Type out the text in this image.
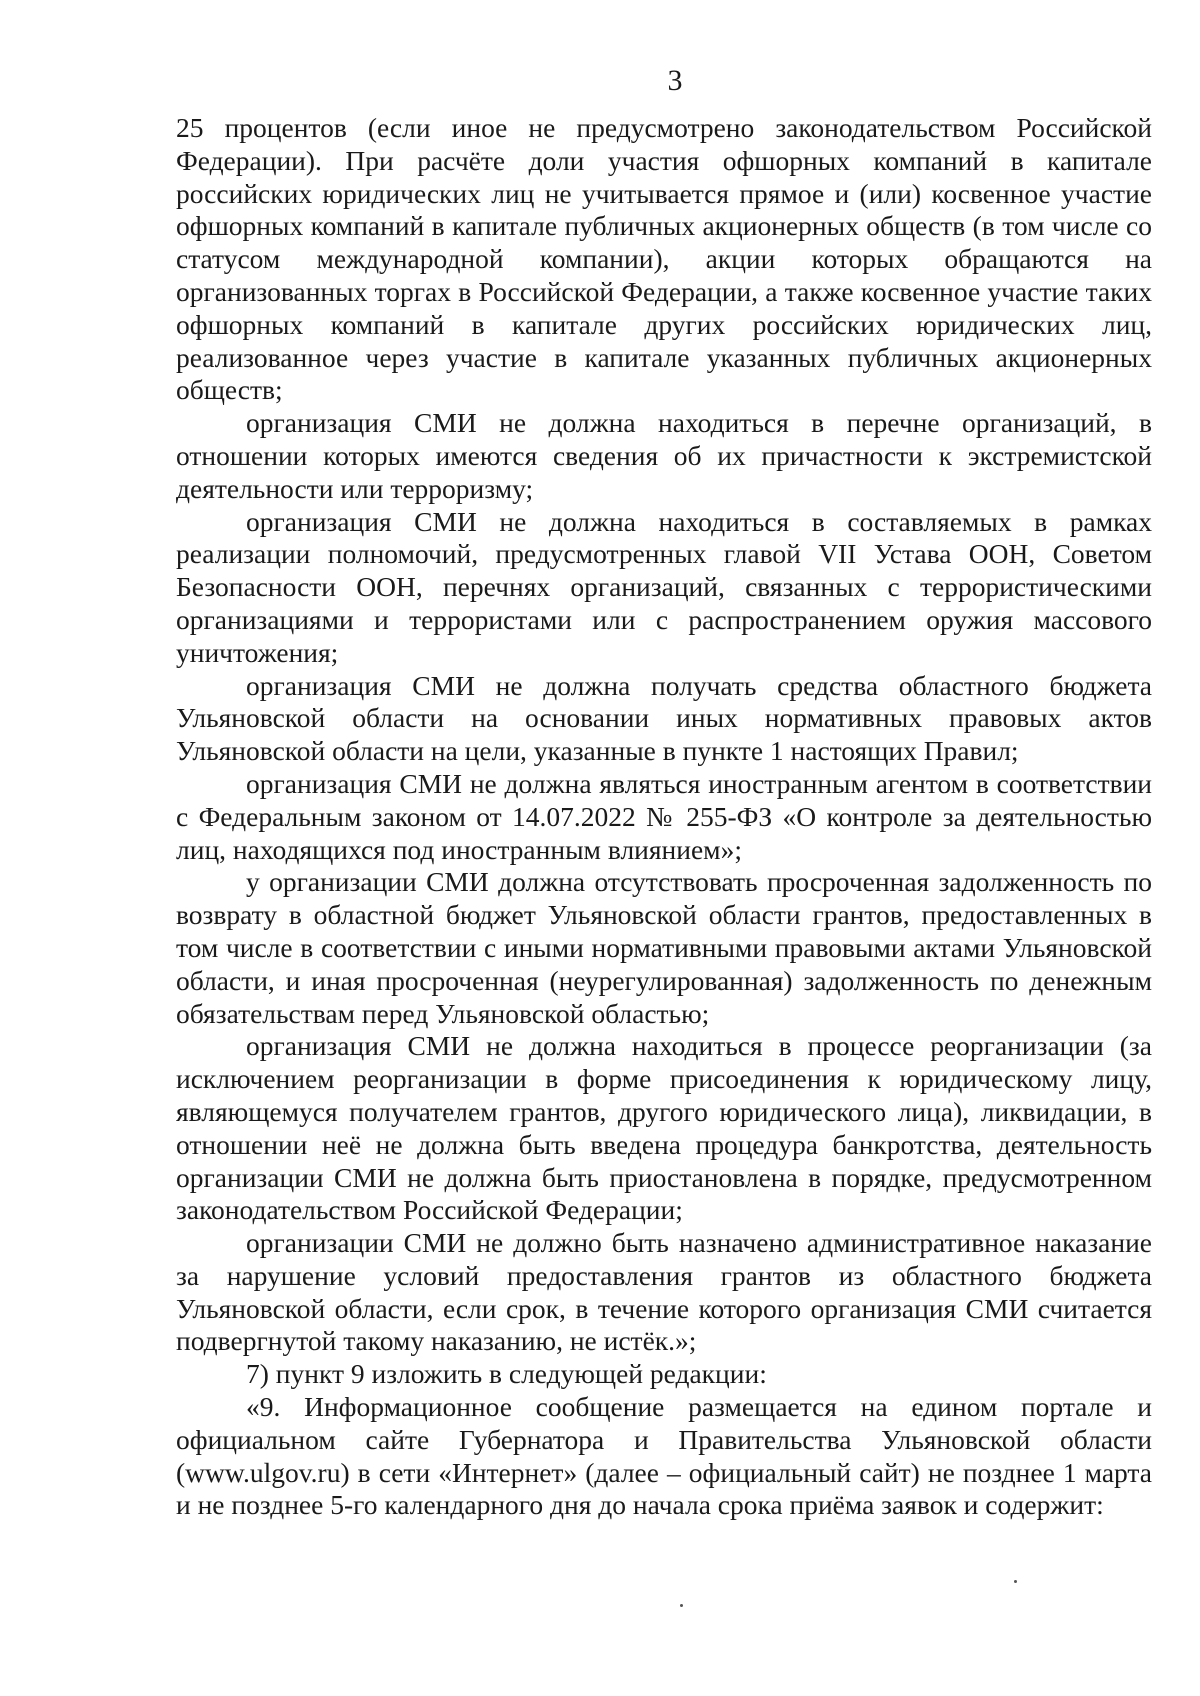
3

25 процентов (если иное не предусмотрено законодательством Российской Федерации). При расчёте доли участия офшорных компаний в капитале российских юридических лиц не учитывается прямое и (или) косвенное участие офшорных компаний в капитале публичных акционерных обществ (в том числе со статусом международной компании), акции которых обращаются на организованных торгах в Российской Федерации, а также косвенное участие таких офшорных компаний в капитале других российских юридических лиц, реализованное через участие в капитале указанных публичных акционерных обществ;

организация СМИ не должна находиться в перечне организаций, в отношении которых имеются сведения об их причастности к экстремистской деятельности или терроризму;

организация СМИ не должна находиться в составляемых в рамках реализации полномочий, предусмотренных главой VII Устава ООН, Советом Безопасности ООН, перечнях организаций, связанных с террористическими организациями и террористами или с распространением оружия массового уничтожения;

организация СМИ не должна получать средства областного бюджета Ульяновской области на основании иных нормативных правовых актов Ульяновской области на цели, указанные в пункте 1 настоящих Правил;

организация СМИ не должна являться иностранным агентом в соответствии с Федеральным законом от 14.07.2022 № 255-ФЗ «О контроле за деятельностью лиц, находящихся под иностранным влиянием»;

у организации СМИ должна отсутствовать просроченная задолженность по возврату в областной бюджет Ульяновской области грантов, предоставленных в том числе в соответствии с иными нормативными правовыми актами Ульяновской области, и иная просроченная (неурегулированная) задолженность по денежным обязательствам перед Ульяновской областью;

организация СМИ не должна находиться в процессе реорганизации (за исключением реорганизации в форме присоединения к юридическому лицу, являющемуся получателем грантов, другого юридического лица), ликвидации, в отношении неё не должна быть введена процедура банкротства, деятельность организации СМИ не должна быть приостановлена в порядке, предусмотренном законодательством Российской Федерации;

организации СМИ не должно быть назначено административное наказание за нарушение условий предоставления грантов из областного бюджета Ульяновской области, если срок, в течение которого организация СМИ считается подвергнутой такому наказанию, не истёк.»;

7) пункт 9 изложить в следующей редакции:

«9. Информационное сообщение размещается на едином портале и официальном сайте Губернатора и Правительства Ульяновской области (www.ulgov.ru) в сети «Интернет» (далее – официальный сайт) не позднее 1 марта и не позднее 5-го календарного дня до начала срока приёма заявок и содержит:
